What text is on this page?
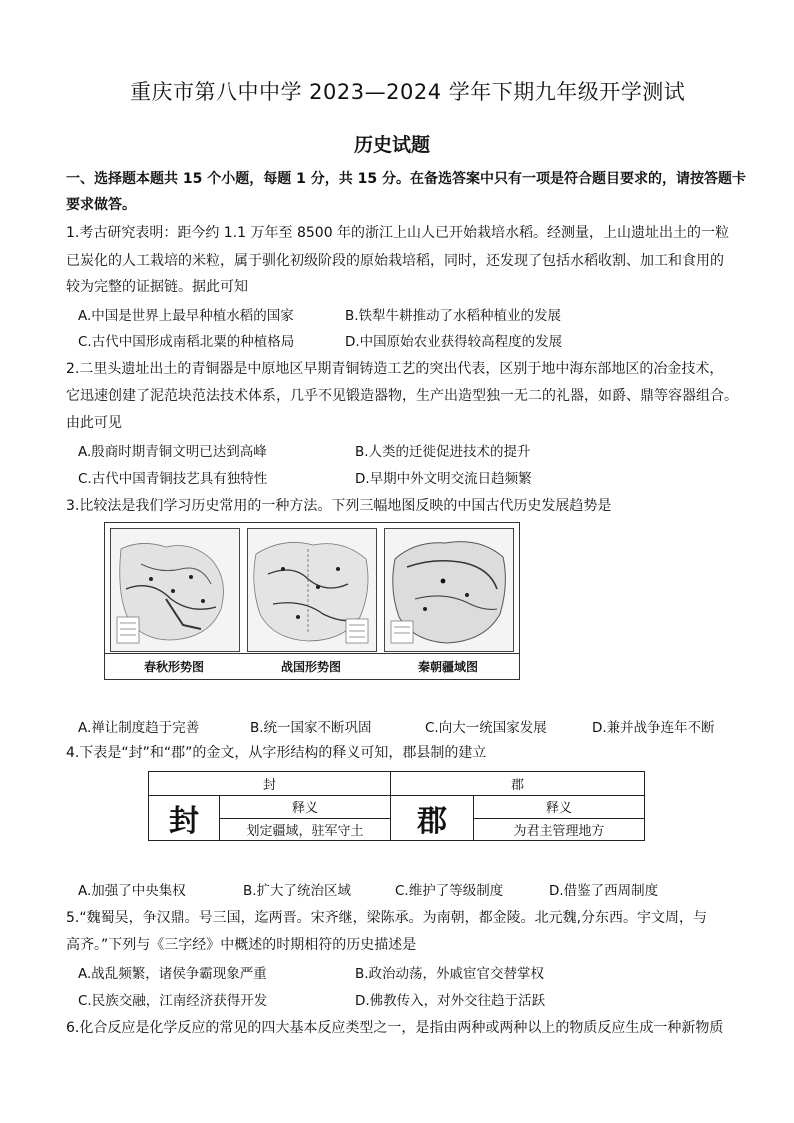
重庆市第八中中学 2023—2024 学年下期九年级开学测试
历史试题
一、选择题本题共 15 个小题，每题 1 分，共 15 分。在备选答案中只有一项是符合题目要求的，请按答题卡
要求做答。
1.考古研究表明：距今约 1.1 万年至 8500 年的浙江上山人已开始栽培水稻。经测量，上山遗址出土的一粒
已炭化的人工栽培的米粒，属于驯化初级阶段的原始栽培稻，同时，还发现了包括水稻收割、加工和食用的
较为完整的证据链。据此可知
A.中国是世界上最早种植水稻的国家	B.铁犁牛耕推动了水稻种植业的发展
C.古代中国形成南稻北粟的种植格局	D.中国原始农业获得较高程度的发展
2.二里头遗址出土的青铜器是中原地区早期青铜铸造工艺的突出代表，区别于地中海东部地区的冶金技术，
它迅速创建了泥范块范法技术体系，几乎不见锻造器物，生产出造型独一无二的礼器，如爵、鼎等容器组合。
由此可见
A.殷商时期青铜文明已达到高峰	B.人类的迁徙促进技术的提升
C.古代中国青铜技艺具有独特性	D.早期中外文明交流日趋频繁
3.比较法是我们学习历史常用的一种方法。下列三幅地图反映的中国古代历史发展趋势是
春秋形势图	战国形势图	秦朝疆域图
A.禅让制度趋于完善	B.统一国家不断巩固	C.向大一统国家发展	D.兼并战争连年不断
4.下表是“封”和“郡”的金文，从字形结构的释义可知，郡县制的建立
封		郡	
封	释义	郡	释义
	划定疆域，驻军守土		为君主管理地方
A.加强了中央集权	B.扩大了统治区域	C.维护了等级制度	D.借鉴了西周制度
5.“魏蜀吴，争汉鼎。号三国，迄两晋。宋齐继，梁陈承。为南朝，都金陵。北元魏,分东西。宇文周，与
高齐。”下列与《三字经》中概述的时期相符的历史描述是
A.战乱频繁，诸侯争霸现象严重	B.政治动荡，外戚宦官交替掌权
C.民族交融，江南经济获得开发	D.佛教传入，对外交往趋于活跃
6.化合反应是化学反应的常见的四大基本反应类型之一，是指由两种或两种以上的物质反应生成一种新物质
